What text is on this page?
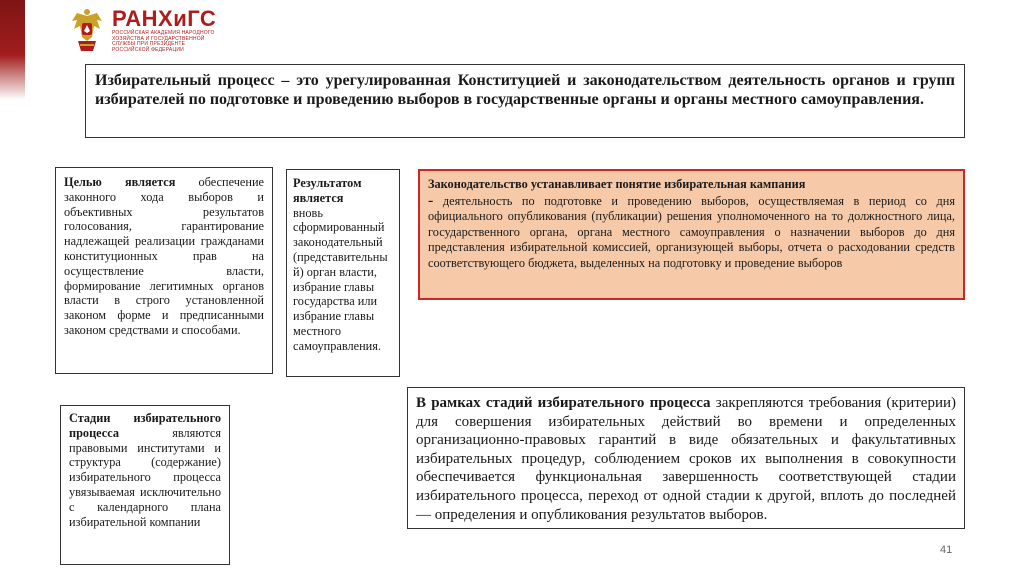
РАНХиГС
РОССИЙСКАЯ АКАДЕМИЯ НАРОДНОГО ХОЗЯЙСТВА И ГОСУДАРСТВЕННОЙ СЛУЖБЫ ПРИ ПРЕЗИДЕНТЕ РОССИЙСКОЙ ФЕДЕРАЦИИ
Избирательный процесс – это урегулированная Конституцией и законодательством деятельность органов и групп избирателей по подготовке и проведению выборов в государственные органы и органы местного самоуправления.
Целью является обеспечение законного хода выборов и объективных результатов голосования, гарантирование надлежащей реализации гражданами конституционных прав на осуществление власти, формирование легитимных органов власти в строго установленной законом форме и предписанными законом средствами и способами.
Результатом является
вновь сформированный законодательный (представительны й) орган власти, избрание главы государства или избрание главы местного самоуправления.
Законодательство устанавливает понятие избирательная кампания
- деятельность по подготовке и проведению выборов, осуществляемая в период со дня официального опубликования (публикации) решения уполномоченного на то должностного лица, государственного органа, органа местного самоуправления о назначении выборов до дня представления избирательной комиссией, организующей выборы, отчета о расходовании средств соответствующего бюджета, выделенных на подготовку и проведение выборов
Стадии избирательного процесса являются правовыми институтами и структура (содержание) избирательного процесса увязываемая исключительно с календарного плана избирательной компании
В рамках стадий избирательного процесса закрепляются требования (критерии) для совершения избирательных действий во времени и определенных организационно-правовых гарантий в виде обязательных и факультативных избирательных процедур, соблюдением сроков их выполнения в совокупности обеспечивается функциональная завершенность соответствующей стадии избирательного процесса, переход от одной стадии к другой, вплоть до последней — определения и опубликования результатов выборов.
41
